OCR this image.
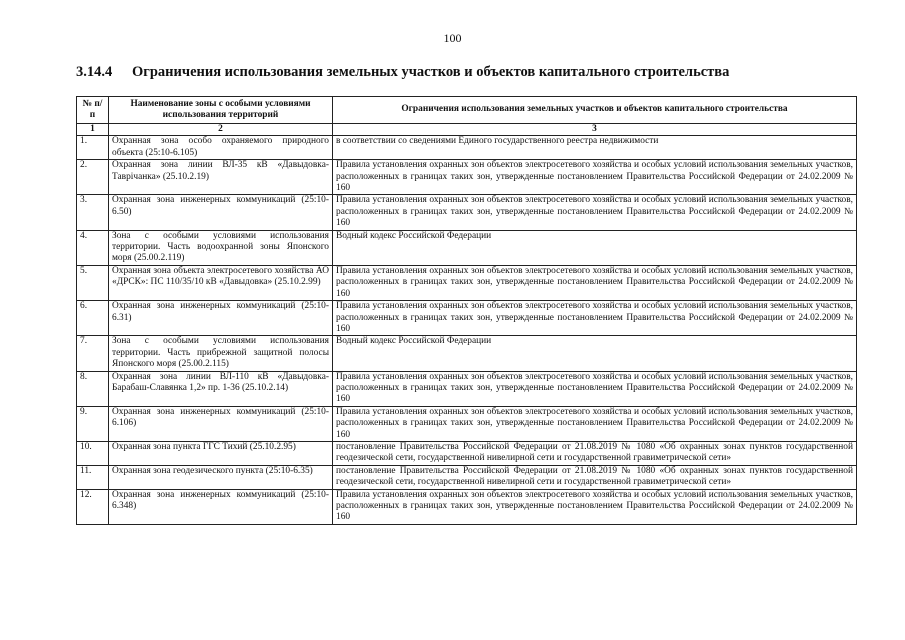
100
3.14.4 Ограничения использования земельных участков и объектов капитального строительства
№ п/п	Наименование зоны с особыми условиями использования территорий	Ограничения использования земельных участков и объектов капитального строительства
1	2	3
1.	Охранная зона особо охраняемого природного объекта (25:10-6.105)	в соответствии со сведениями Единого государственного реестра недвижимости
2.	Охранная зона линии ВЛ-35 кВ «Давыдовка-Таврічанка» (25.10.2.19)	Правила установления охранных зон объектов электросетевого хозяйства и особых условий использования земельных участков, расположенных в границах таких зон, утвержденные постановлением Правительства Российской Федерации от 24.02.2009 № 160
3.	Охранная зона инженерных коммуникаций (25:10-6.50)	Правила установления охранных зон объектов электросетевого хозяйства и особых условий использования земельных участков, расположенных в границах таких зон, утвержденные постановлением Правительства Российской Федерации от 24.02.2009 № 160
4.	Зона с особыми условиями использования территории. Часть водоохранной зоны Японского моря (25.00.2.119)	Водный кодекс Российской Федерации
5.	Охранная зона объекта электросетевого хозяйства АО «ДРСК»: ПС 110/35/10 кВ «Давыдовка» (25.10.2.99)	Правила установления охранных зон объектов электросетевого хозяйства и особых условий использования земельных участков, расположенных в границах таких зон, утвержденные постановлением Правительства Российской Федерации от 24.02.2009 № 160
6.	Охранная зона инженерных коммуникаций (25:10-6.31)	Правила установления охранных зон объектов электросетевого хозяйства и особых условий использования земельных участков, расположенных в границах таких зон, утвержденные постановлением Правительства Российской Федерации от 24.02.2009 № 160
7.	Зона с особыми условиями использования территории. Часть прибрежной защитной полосы Японского моря (25.00.2.115)	Водный кодекс Российской Федерации
8.	Охранная зона линии ВЛ-110 кВ «Давыдовка-Барабаш-Славянка 1,2» пр. 1-36 (25.10.2.14)	Правила установления охранных зон объектов электросетевого хозяйства и особых условий использования земельных участков, расположенных в границах таких зон, утвержденные постановлением Правительства Российской Федерации от 24.02.2009 № 160
9.	Охранная зона инженерных коммуникаций (25:10-6.106)	Правила установления охранных зон объектов электросетевого хозяйства и особых условий использования земельных участков, расположенных в границах таких зон, утвержденные постановлением Правительства Российской Федерации от 24.02.2009 № 160
10.	Охранная зона пункта ГГС Тихий (25.10.2.95)	постановление Правительства Российской Федерации от 21.08.2019 № 1080 «Об охранных зонах пунктов государственной геодезической сети, государственной нивелирной сети и государственной гравиметрической сети»
11.	Охранная зона геодезического пункта (25:10-6.35)	постановление Правительства Российской Федерации от 21.08.2019 № 1080 «Об охранных зонах пунктов государственной геодезической сети, государственной нивелирной сети и государственной гравиметрической сети»
12.	Охранная зона инженерных коммуникаций (25:10-6.348)	Правила установления охранных зон объектов электросетевого хозяйства и особых условий использования земельных участков, расположенных в границах таких зон, утвержденные постановлением Правительства Российской Федерации от 24.02.2009 № 160
